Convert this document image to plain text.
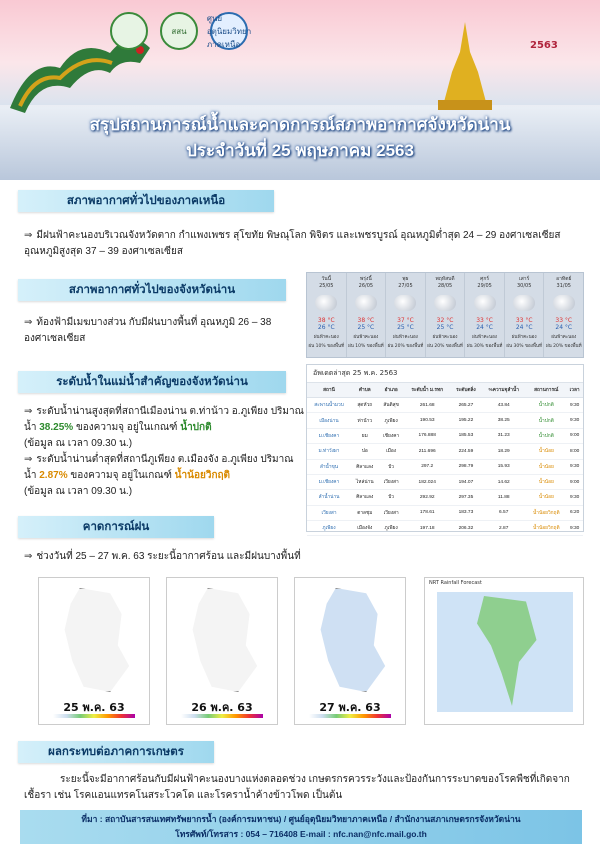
สสน
ศูนย์อุตุนิยมวิทยา ภาคเหนือ	2563
สรุปสถานการณ์น้ำและคาดการณ์สภาพอากาศจังหวัดน่าน
ประจำวันที่ 25 พฤษภาคม 2563
สภาพอากาศทั่วไปของภาคเหนือ
⇒ มีฝนฟ้าคะนองบริเวณจังหวัดตาก กำแพงเพชร สุโขทัย พิษณุโลก พิจิตร และเพชรบูรณ์ อุณหภูมิต่ำสุด 24 – 29 องศาเซลเซียส อุณหภูมิสูงสุด 37 – 39 องศาเซลเซียส
สภาพอากาศทั่วไปของจังหวัดน่าน
⇒ ท้องฟ้ามีเมฆบางส่วน กับมีฝนบางพื้นที่ อุณหภูมิ 26 – 38 องศาเซลเซียส
วันนี้
25/05
38 °C
26 °C
ฝนฟ้าคะนอง
ฝน 10% ของพื้นที่
พรุ่งนี้
26/05
38 °C
25 °C
ฝนฟ้าคะนอง
ฝน 10% ของพื้นที่
พุธ
27/05
37 °C
25 °C
ฝนฟ้าคะนอง
ฝน 20% ของพื้นที่
พฤหัสบดี
28/05
32 °C
25 °C
ฝนฟ้าคะนอง
ฝน 20% ของพื้นที่
ศุกร์
29/05
33 °C
24 °C
ฝนฟ้าคะนอง
ฝน 30% ของพื้นที่
เสาร์
30/05
33 °C
24 °C
ฝนฟ้าคะนอง
ฝน 30% ของพื้นที่
อาทิตย์
31/05
33 °C
24 °C
ฝนฟ้าคะนอง
ฝน 20% ของพื้นที่
ระดับน้ำในแม่น้ำสำคัญของจังหวัดน่าน
⇒ ระดับน้ำน่านสูงสุดที่สถานีเมืองน่าน ต.ท่าน้าว อ.ภูเพียง ปริมาณน้ำ 38.25% ของความจุ อยู่ในเกณฑ์ น้ำปกติ
(ข้อมูล ณ เวลา 09.30 น.)
⇒ ระดับน้ำน่านต่ำสุดที่สถานีภูเพียง ต.เมืองจัง อ.ภูเพียง ปริมาณน้ำ 2.87% ของความจุ อยู่ในเกณฑ์ น้ำน้อยวิกฤติ
(ข้อมูล ณ เวลา 09.30 น.)
อัพเดตล่าสุด 25 พ.ค. 2563
สถานี	ตำบล	อำเภอ	ระดับน้ำ ม.รทก	ระดับตลิ่ง	%ความจุลำน้ำ	สถานการณ์	เวลา
สะพานน้ำมวบ	สุดหัวถ	สันติสุข	261.68	265.27	43.84	น้ำปกติ	9:30
เมืองน่าน	ท่าน้าว	ภูเพียง	190.53	195.22	38.25	น้ำปกติ	9:30
ม.เชียงคา	ยม	เชียงคา	176.888	185.53	31.23	น้ำปกติ	9:00
ม.ท่าวังผา	ปอ	เมือง	211.696	224.59	18.29	น้ำน้อย	8:00
ลำน้ำขุน	ศิลาแลง	ปัว	297.2	298.79	15.93	น้ำน้อย	9:30
ม.เชียงคา	ไหล่น่าน	เวียงสา	182.024	194.07	14.62	น้ำน้อย	9:00
ลำน้ำน่าน	ศิลาแลง	ปัว	292.92	297.35	11.88	น้ำน้อย	9:30
เวียงสา	ตาลชุม	เวียงสา	178.61	183.73	6.57	น้ำน้อยวิกฤติ	6:20
ภูเพียง	เมืองจัง	ภูเพียง	197.18	206.32	2.87	น้ำน้อยวิกฤติ	9:30
คาดการณ์ฝน
⇒ ช่วงวันที่ 25 – 27 พ.ค. 63 ระยะนี้อากาศร้อน และมีฝนบางพื้นที่
25 พ.ค. 63	26 พ.ค. 63	27 พ.ค. 63
NRT Rainfall Forecast
ผลกระทบต่อภาคการเกษตร
ระยะนี้จะมีอากาศร้อนกับมีฝนฟ้าคะนองบางแห่งตลอดช่วง เกษตรกรควรระวังและป้องกันการระบาดของโรคพืชที่เกิดจากเชื้อรา เช่น โรคแอนแทรคโนสระโวคโด และโรคราน้ำค้างข้าวโพด เป็นต้น
ที่มา : สถาบันสารสนเทศทรัพยากรน้ำ (องค์การมหาชน) / ศูนย์อุตุนิยมวิทยาภาคเหนือ / สำนักงานสภาเกษตรกรจังหวัดน่าน
โทรศัพท์/โทรสาร : 054 – 716408 E-mail : nfc.nan@nfc.mail.go.th
